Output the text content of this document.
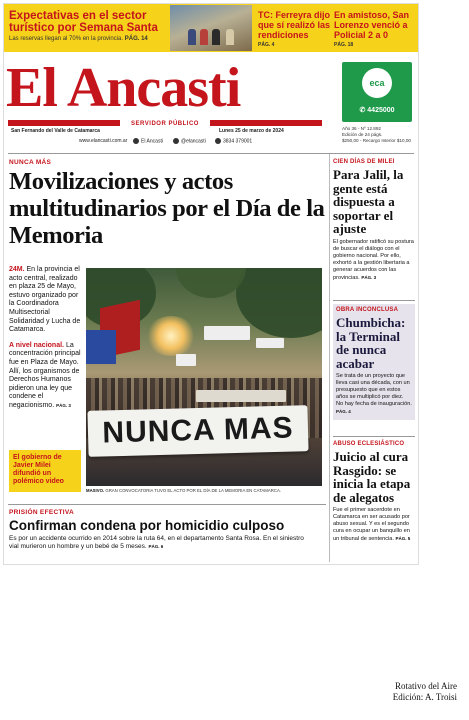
Expectativas en el sector turístico por Semana Santa
Las reservas llegan al 70% en la provincia. PÁG. 14
TC: Ferreyra dijo que sí realizó las rendiciones
PÁG. 4
En amistoso, San Lorenzo venció a Policial 2 a 0
PÁG. 18
El Ancasti
SERVIDOR PÚBLICO
San Fernando del Valle de Catamarca	Lunes 25 de marzo de 2024
www.elancasti.com.ar	El Ancasti	@elancasti	3834 379001
eca
✆ 4425000
Año 36 - Nº 12.892
Edición de 24 págs.
$250,00 - Recargo Interior $10,00
NUNCA MÁS
Movilizaciones y actos multitudinarios por el Día de la Memoria
24M. En la provincia el acto central, realizado en plaza 25 de Mayo, estuvo organizado por la Coordinadora Multisectorial Solidaridad y Lucha de Catamarca.
A nivel nacional. La concentración principal fue en Plaza de Mayo. Allí, los organismos de Derechos Humanos pidieron una ley que condene el negacionismo. PÁG. 3
El gobierno de Javier Milei difundió un polémico video
NUNCA MAS
MASIVO. GRAN CONVOCATORIA TUVO EL ACTO POR EL DÍA DE LA MEMORIA EN CATAMARCA.
PRISIÓN EFECTIVA
Confirman condena por homicidio culposo
Es por un accidente ocurrido en 2014 sobre la ruta 64, en el departamento Santa Rosa. En el siniestro vial murieron un hombre y un bebé de 5 meses. PÁG. 6
CIEN DÍAS DE MILEI
Para Jalil, la gente está dispuesta a soportar el ajuste
El gobernador ratificó su postura de buscar el diálogo con el gobierno nacional. Por ello, exhortó a la gestión libertaria a generar acuerdos con las provincias. PÁG. 3
OBRA INCONCLUSA
Chumbicha: la Terminal de nunca acabar
Se trata de un proyecto que lleva casi una década, con un presupuesto que en estos años se multiplicó por diez. No hay fecha de inauguración. PÁG. 4
ABUSO ECLESIÁSTICO
Juicio al cura Rasgido: se inicia la etapa de alegatos
Fue el primer sacerdote en Catamarca en ser acusado por abuso sexual. Y es el segundo cura en ocupar un banquillo en un tribunal de sentencia. PÁG. 5
Rotativo del Aire
Edición: A. Troisi
